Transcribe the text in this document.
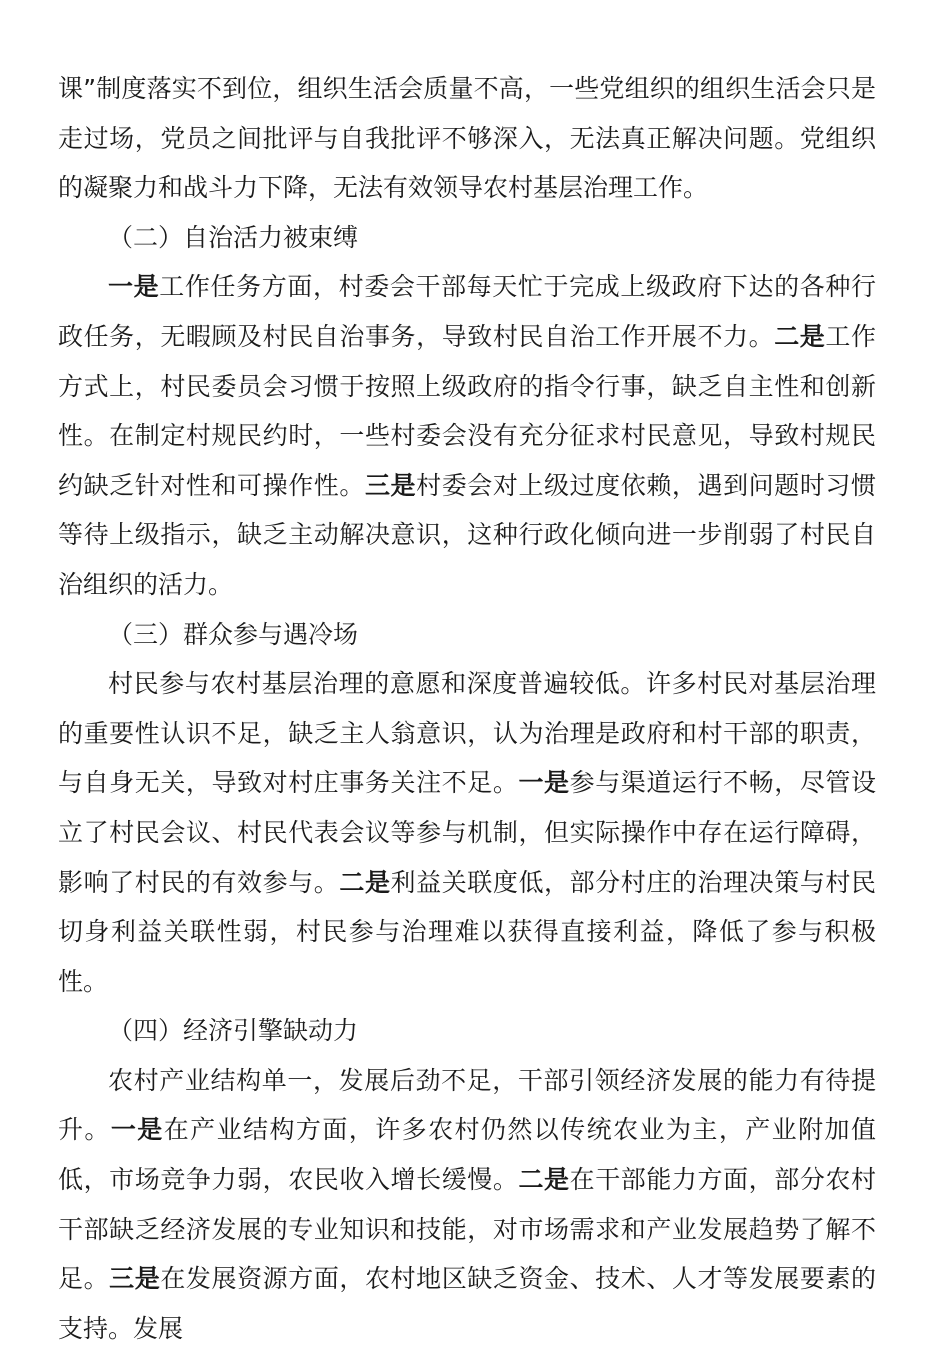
课”制度落实不到位，组织生活会质量不高，一些党组织的组织生活会只是走过场，党员之间批评与自我批评不够深入，无法真正解决问题。党组织的凝聚力和战斗力下降，无法有效领导农村基层治理工作。

（二）自治活力被束缚

一是工作任务方面，村委会干部每天忙于完成上级政府下达的各种行政任务，无暇顾及村民自治事务，导致村民自治工作开展不力。二是工作方式上，村民委员会习惯于按照上级政府的指令行事，缺乏自主性和创新性。在制定村规民约时，一些村委会没有充分征求村民意见，导致村规民约缺乏针对性和可操作性。三是村委会对上级过度依赖，遇到问题时习惯等待上级指示，缺乏主动解决意识，这种行政化倾向进一步削弱了村民自治组织的活力。

（三）群众参与遇冷场

村民参与农村基层治理的意愿和深度普遍较低。许多村民对基层治理的重要性认识不足，缺乏主人翁意识，认为治理是政府和村干部的职责，与自身无关，导致对村庄事务关注不足。一是参与渠道运行不畅，尽管设立了村民会议、村民代表会议等参与机制，但实际操作中存在运行障碍，影响了村民的有效参与。二是利益关联度低，部分村庄的治理决策与村民切身利益关联性弱，村民参与治理难以获得直接利益，降低了参与积极性。

（四）经济引擎缺动力

农村产业结构单一，发展后劲不足，干部引领经济发展的能力有待提升。一是在产业结构方面，许多农村仍然以传统农业为主，产业附加值低，市场竞争力弱，农民收入增长缓慢。二是在干部能力方面，部分农村干部缺乏经济发展的专业知识和技能，对市场需求和产业发展趋势了解不足。三是在发展资源方面，农村地区缺乏资金、技术、人才等发展要素的支持。发展
